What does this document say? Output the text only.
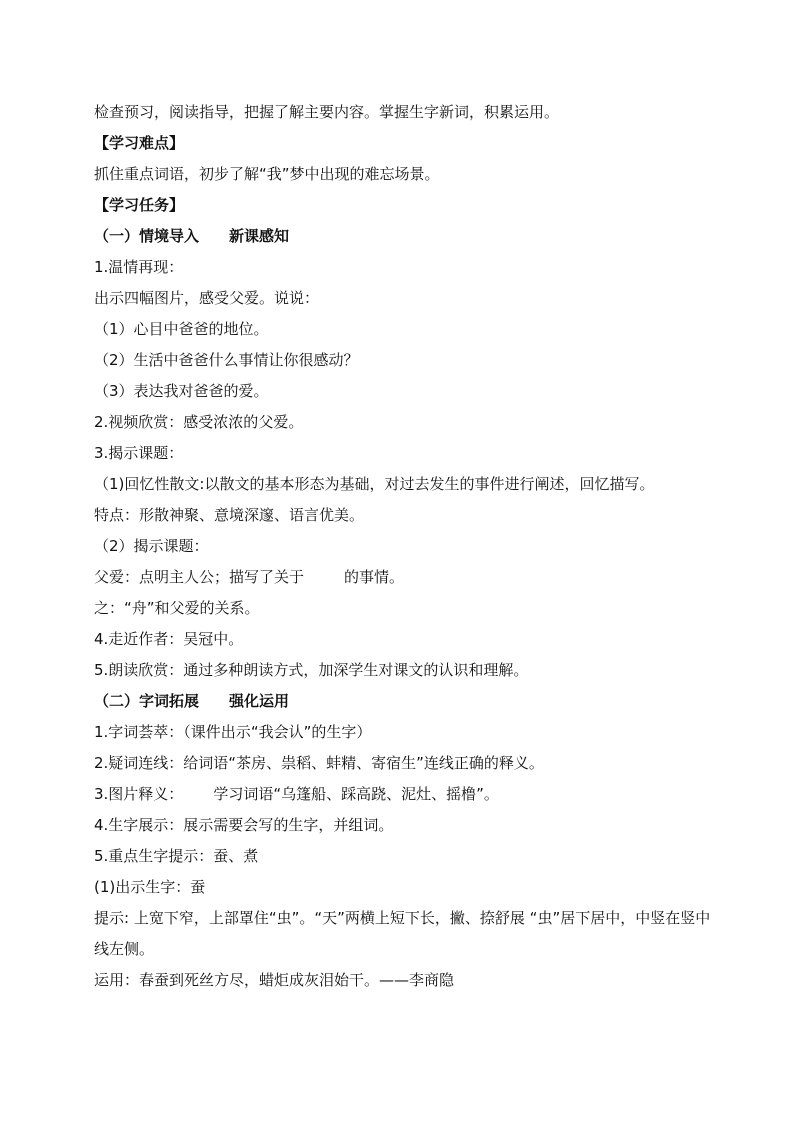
检查预习，阅读指导，把握了解主要内容。掌握生字新词，积累运用。
【学习难点】
抓住重点词语，初步了解“我”梦中出现的难忘场景。
【学习任务】
（一）情境导入 新课感知
1.温情再现：
出示四幅图片，感受父爱。说说：
（1）心目中爸爸的地位。
（2）生活中爸爸什么事情让你很感动？
（3）表达我对爸爸的爱。
2.视频欣赏：感受浓浓的父爱。
3.揭示课题：
（1)回忆性散文:以散文的基本形态为基础，对过去发生的事件进行阐述，回忆描写。
特点：形散神聚、意境深邃、语言优美。
（2）揭示课题：
父爱：点明主人公；描写了关于	的事情。
之：“舟”和父爱的关系。
4.走近作者：吴冠中。
5.朗读欣赏：通过多种朗读方式，加深学生对课文的认识和理解。
（二）字词拓展 强化运用
1.字词荟萃：（课件出示“我会认”的生字）
2.疑词连线：给词语“茶房、祟稻、蚌精、寄宿生”连线正确的释义。
3.图片释义： 学习词语“乌篷船、踩高跷、泥灶、摇橹”。
4.生字展示：展示需要会写的生字，并组词。
5.重点生字提示：蚕、煮
(1)出示生字：蚕
提示: 上宽下窄，上部罩住“虫”。“天”两横上短下长，撇、捺舒展 “虫”居下居中，中竖在竖中线左侧。
运用：春蚕到死丝方尽，蜡炬成灰泪始干。——李商隐
